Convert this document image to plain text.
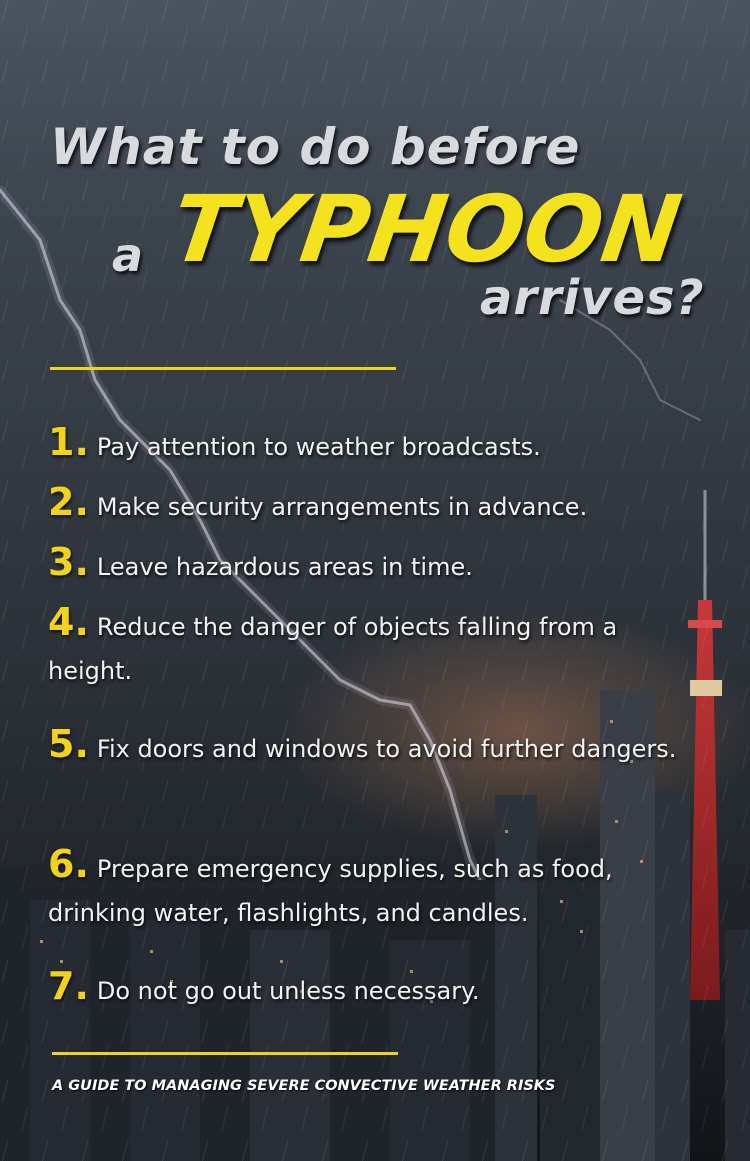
What to do before
a TYPHOON
arrives?
1. Pay attention to weather broadcasts.
2. Make security arrangements in advance.
3. Leave hazardous areas in time.
4. Reduce the danger of objects falling from a height.
5. Fix doors and windows to avoid further dangers.
6. Prepare emergency supplies, such as food, drinking water, flashlights, and candles.
7. Do not go out unless necessary.
A GUIDE TO MANAGING SEVERE CONVECTIVE WEATHER RISKS
